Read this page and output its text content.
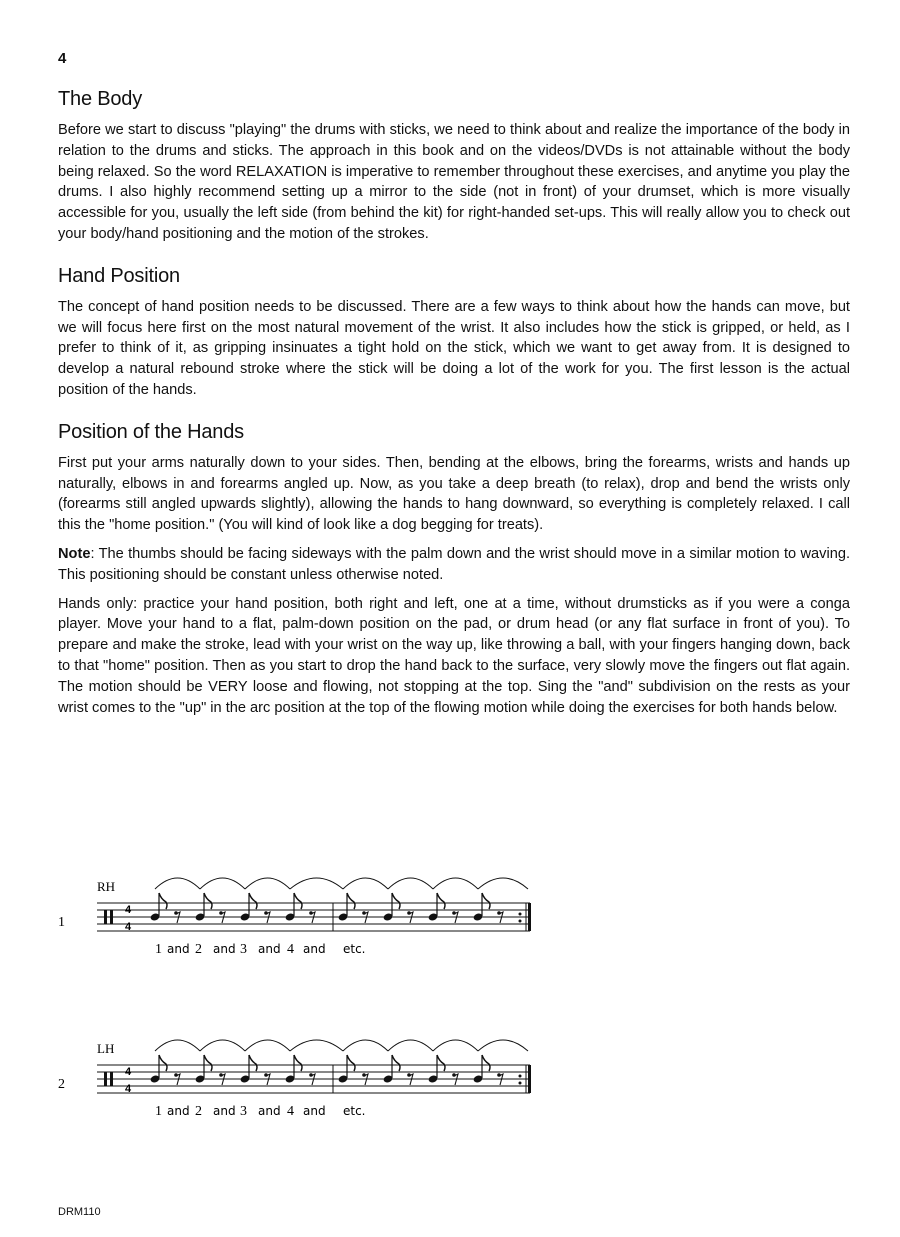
4
The Body

Before we start to discuss "playing" the drums with sticks, we need to think about and realize the importance of the body in relation to the drums and sticks. The approach in this book and on the videos/DVDs is not attainable without the body being relaxed. So the word RELAXATION is imperative to remember throughout these exercises, and anytime you play the drums. I also highly recommend setting up a mirror to the side (not in front) of your drumset, which is more visually accessible for you, usually the left side (from behind the kit) for right-handed set-ups. This will really allow you to check out your body/hand positioning and the motion of the strokes.

Hand Position

The concept of hand position needs to be discussed. There are a few ways to think about how the hands can move, but we will focus here first on the most natural movement of the wrist. It also includes how the stick is gripped, or held, as I prefer to think of it, as gripping insinuates a tight hold on the stick, which we want to get away from. It is designed to develop a natural rebound stroke where the stick will be doing a lot of the work for you. The first lesson is the actual position of the hands.

Position of the Hands

First put your arms naturally down to your sides. Then, bending at the elbows, bring the forearms, wrists and hands up naturally, elbows in and forearms angled up. Now, as you take a deep breath (to relax), drop and bend the wrists only (forearms still angled upwards slightly), allowing the hands to hang downward, so everything is completely relaxed. I call this the "home position." (You will kind of look like a dog begging for treats).

Note: The thumbs should be facing sideways with the palm down and the wrist should move in a similar motion to waving. This positioning should be constant unless otherwise noted.

Hands only: practice your hand position, both right and left, one at a time, without drumsticks as if you were a conga player. Move your hand to a flat, palm-down position on the pad, or drum head (or any flat surface in front of you). To prepare and make the stroke, lead with your wrist on the way up, like throwing a ball, with your fingers hanging down, back to that "home" position. Then as you start to drop the hand back to the surface, very slowly move the fingers out flat again. The motion should be VERY loose and flowing, not stopping at the top. Sing the "and" subdivision on the rests as your wrist comes to the "up" in the arc position at the top of the flowing motion while doing the exercises for both hands below.

1
RH
4
4
1 and 2 and 3 and 4 and etc.
2
LH
4
4
1 and 2 and 3 and 4 and etc.
DRM110
